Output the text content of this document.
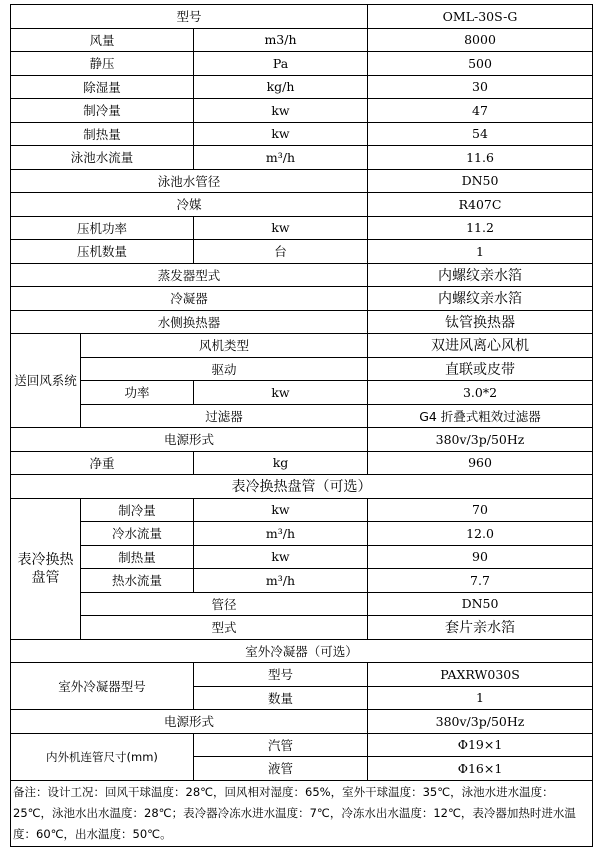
型号			OML-30S-G
风量		m3/h	8000
静压		Pa	500
除湿量		kg/h	30
制冷量		kw	47
制热量		kw	54
泳池水流量		m³/h	11.6
泳池水管径			DN50
冷媒			R407C
压机功率		kw	11.2
压机数量		台	1
蒸发器型式			内螺纹亲水箔
冷凝器			内螺纹亲水箔
水侧换热器			钛管换热器
送回风系统	风机类型		双进风离心风机
	驱动		直联或皮带
	功率	kw	3.0*2
	过滤器		G4 折叠式粗效过滤器
电源形式			380v/3p/50Hz
净重		kg	960
表冷换热盘管（可选）			
表冷换热盘管	制冷量	kw	70
	冷水流量	m³/h	12.0
	制热量	kw	90
	热水流量	m³/h	7.7
	管径		DN50
	型式		套片亲水箔
室外冷凝器（可选）			
室外冷凝器型号		型号	PAXRW030S
		数量	1
电源形式			380v/3p/50Hz
内外机连管尺寸(mm)		汽管	Φ19×1
		液管	Φ16×1
备注：设计工况：回风干球温度：28℃，回风相对湿度：65%，室外干球温度：35℃，泳池水进水温度：25℃，泳池水出水温度：28℃；表冷器冷冻水进水温度：7℃，冷冻水出水温度：12℃，表冷器加热时进水温度：60℃，出水温度：50℃。			
